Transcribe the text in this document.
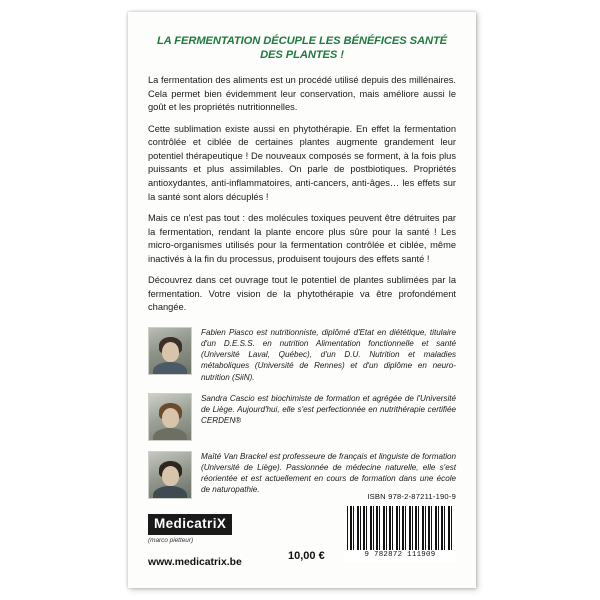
LA FERMENTATION DÉCUPLE LES BÉNÉFICES SANTÉ DES PLANTES !

La fermentation des aliments est un procédé utilisé depuis des millénaires. Cela permet bien évidemment leur conservation, mais améliore aussi le goût et les propriétés nutritionnelles.

Cette sublimation existe aussi en phytothérapie. En effet la fermentation contrôlée et ciblée de certaines plantes augmente grandement leur potentiel thérapeutique ! De nouveaux composés se forment, à la fois plus puissants et plus assimilables. On parle de postbiotiques. Propriétés antioxydantes, anti-inflammatoires, anti-cancers, anti-âges… les effets sur la santé sont alors décuplés !

Mais ce n'est pas tout : des molécules toxiques peuvent être détruites par la fermentation, rendant la plante encore plus sûre pour la santé ! Les micro-organismes utilisés pour la fermentation contrôlée et ciblée, même inactivés à la fin du processus, produisent toujours des effets santé !

Découvrez dans cet ouvrage tout le potentiel de plantes sublimées par la fermentation. Votre vision de la phytothérapie va être profondément changée.

Fabien Piasco est nutritionniste, diplômé d'Etat en diététique, titulaire d'un D.E.S.S. en nutrition Alimentation fonctionnelle et santé (Université Laval, Québec), d'un D.U. Nutrition et maladies métaboliques (Université de Rennes) et d'un diplôme en neuro-nutrition (SiiN).
Sandra Cascio est biochimiste de formation et agrégée de l'Université de Liège. Aujourd'hui, elle s'est perfectionnée en nutrithérapie certifiée CERDEN®
Maïté Van Brackel est professeure de français et linguiste de formation (Université de Liège). Passionnée de médecine naturelle, elle s'est réorientée et est actuellement en cours de formation dans une école de naturopathie.
ISBN 978-2-87211-190-9
MedicatriX
(marco pietteur)
www.medicatrix.be
10,00 €	9 782872 111909
